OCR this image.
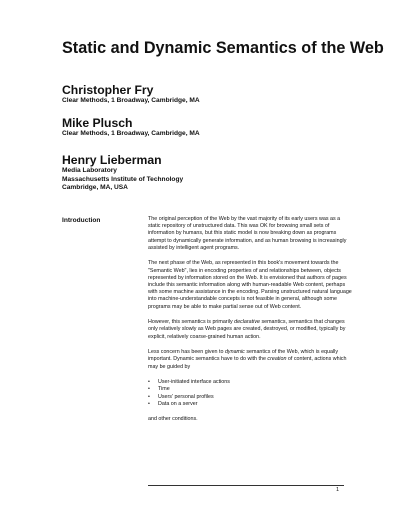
Static and Dynamic Semantics of the Web
Christopher Fry
Clear Methods, 1 Broadway, Cambridge, MA
Mike Plusch
Clear Methods, 1 Broadway, Cambridge, MA
Henry Lieberman
Media Laboratory
Massachusetts Institute of Technology
Cambridge, MA, USA
Introduction	The original perception of the Web by the vast majority of its early users was as a static repository of unstructured data. This was OK for browsing small sets of information by humans, but this static model is now breaking down as programs attempt to dynamically generate information, and as human browsing is increasingly assisted by intelligent agent programs.

The next phase of the Web, as represented in this book's movement towards the "Semantic Web", lies in encoding properties of and relationships between, objects represented by information stored on the Web. It is envisioned that authors of pages include this semantic information along with human-readable Web content, perhaps with some machine assistance in the encoding. Parsing unstructured natural language into machine-understandable concepts is not feasible in general, although some programs may be able to make partial sense out of Web content.

However, this semantics is primarily declarative semantics, semantics that changes only relatively slowly as Web pages are created, destroyed, or modified, typically by explicit, relatively coarse-grained human action.

Less concern has been given to dynamic semantics of the Web, which is equally important. Dynamic semantics have to do with the creation of content, actions which may be guided by

• User-initiated interface actions
• Time
• Users' personal profiles
• Data on a server

and other conditions.

1
